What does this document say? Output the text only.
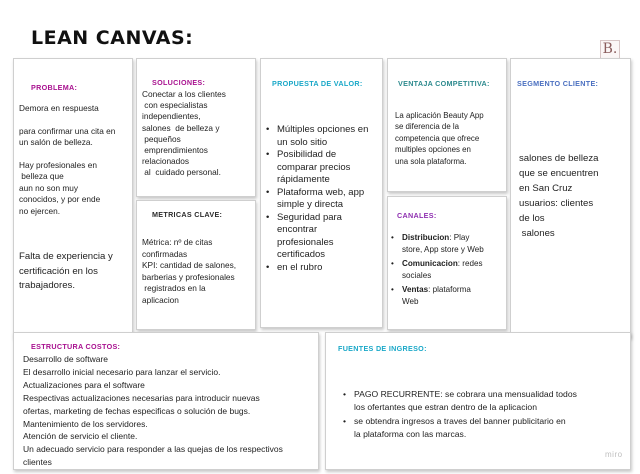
LEAN CANVAS:	B.
PROBLEMA:

Demora en respuesta

para confirmar una cita en

un salón de belleza.

Hay profesionales en

belleza que

aun no son muy

conocidos, y por ende

no ejercen.

Falta de experiencia y

certificación en los

trabajadores.

SOLUCIONES:

Conectar a los clientes

con especialistas

independientes,

salones  de belleza y

pequeños

emprendimientos

relacionados

al  cuidado personal.

METRICAS CLAVE:

Métrica: nº de citas

confirmadas

KPI: cantidad de salones,

barberias y profesionales

registrados en la

aplicacion

PROPUESTA DE VALOR:
• Múltiples opciones en
un solo sitio
• Posibilidad de
comparar precios
rápidamente
• Plataforma web, app
simple y directa
• Seguridad para
encontrar
profesionales
certificados
• en el rubro
VENTAJA COMPETITIVA:

La aplicación Beauty App

se diferencia de la

competencia que ofrece

multiples opciones en

una sola plataforma.

CANALES:
• Distribucion: Play
store, App store y Web
• Comunicacion: redes
sociales
• Ventas: plataforma
Web
SEGMENTO CLIENTE:

salones de belleza

que se encuentren

en San Cruz

usuarios: clientes

de los

salones

ESTRUCTURA COSTOS:

Desarrollo de software

El desarrollo inicial necesario para lanzar el servicio.

Actualizaciones para el software

Respectivas actualizaciones necesarias para introducir nuevas

ofertas, marketing de fechas especificas o solución de bugs.

Mantenimiento de los servidores.

Atención de servicio el cliente.

Un adecuado servicio para responder a las quejas de los respectivos

clientes

FUENTES DE INGRESO:
• PAGO RECURRENTE: se cobrara una mensualidad todos
los ofertantes que estran dentro de la aplicacion
• se obtendra ingresos a traves del banner publicitario en
la plataforma con las marcas.
miro
